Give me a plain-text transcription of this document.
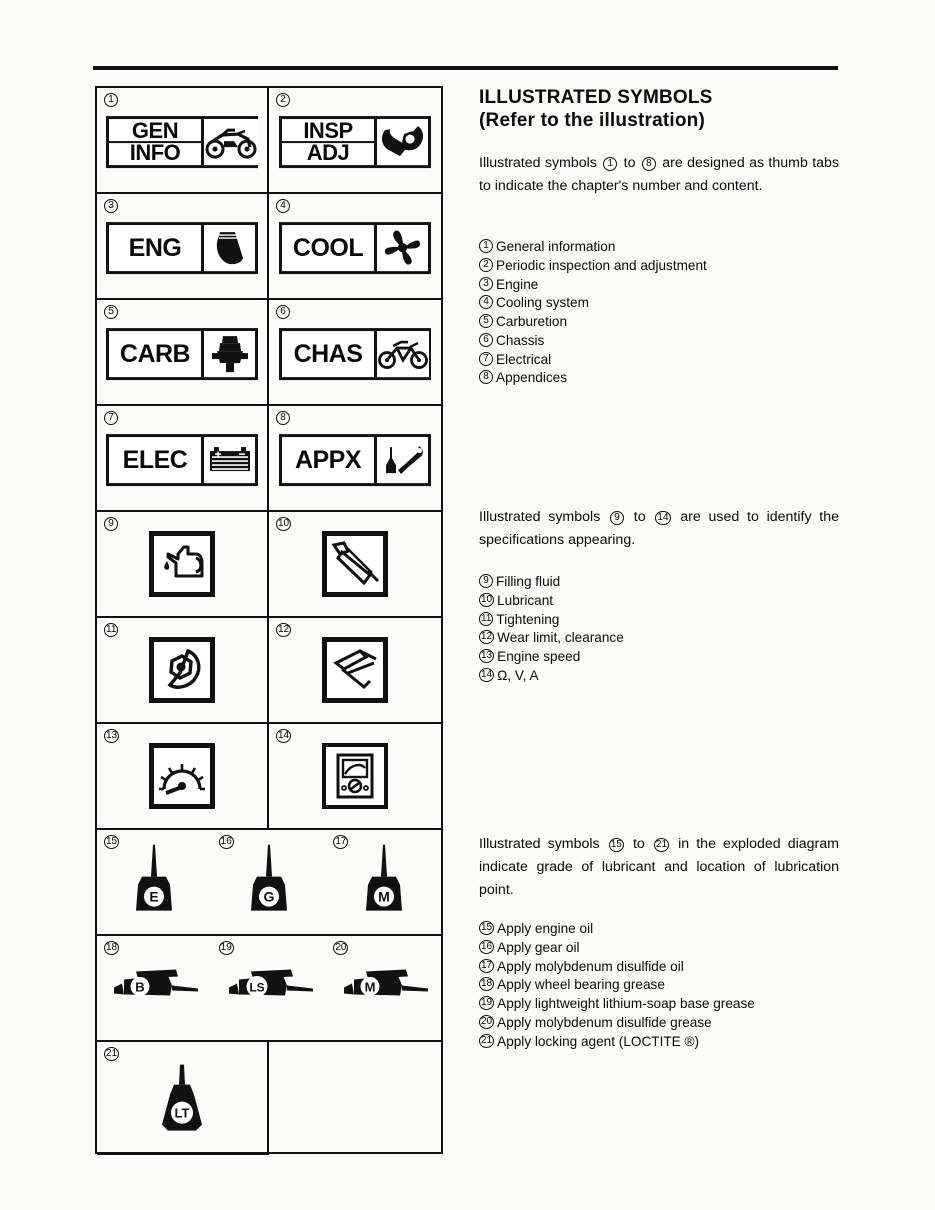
1
GEN
INFO
2
INSP
ADJ
3
ENG
4
COOL
5
CARB
6
CHAS
7
ELEC
8
APPX
9	10
11	12
13	14
15
E
16
G
17
M
18
B
19
LS
20
M
21
LT
ILLUSTRATED SYMBOLS
(Refer to the illustration)

Illustrated symbols 1 to 8 are designed as thumb tabs to indicate the chapter's number and content.

1 General information
2 Periodic inspection and adjustment
3 Engine
4 Cooling system
5 Carburetion
6 Chassis
7 Electrical
8 Appendices

Illustrated symbols 9 to 14 are used to identify the specifications appearing.

9 Filling fluid
10 Lubricant
11 Tightening
12 Wear limit, clearance
13 Engine speed
14 Ω, V, A

Illustrated symbols 15 to 21 in the exploded diagram indicate grade of lubricant and location of lubrication point.

15 Apply engine oil
16 Apply gear oil
17 Apply molybdenum disulfide oil
18 Apply wheel bearing grease
19 Apply lightweight lithium-soap base grease
20 Apply molybdenum disulfide grease
21 Apply locking agent (LOCTITE ®)
